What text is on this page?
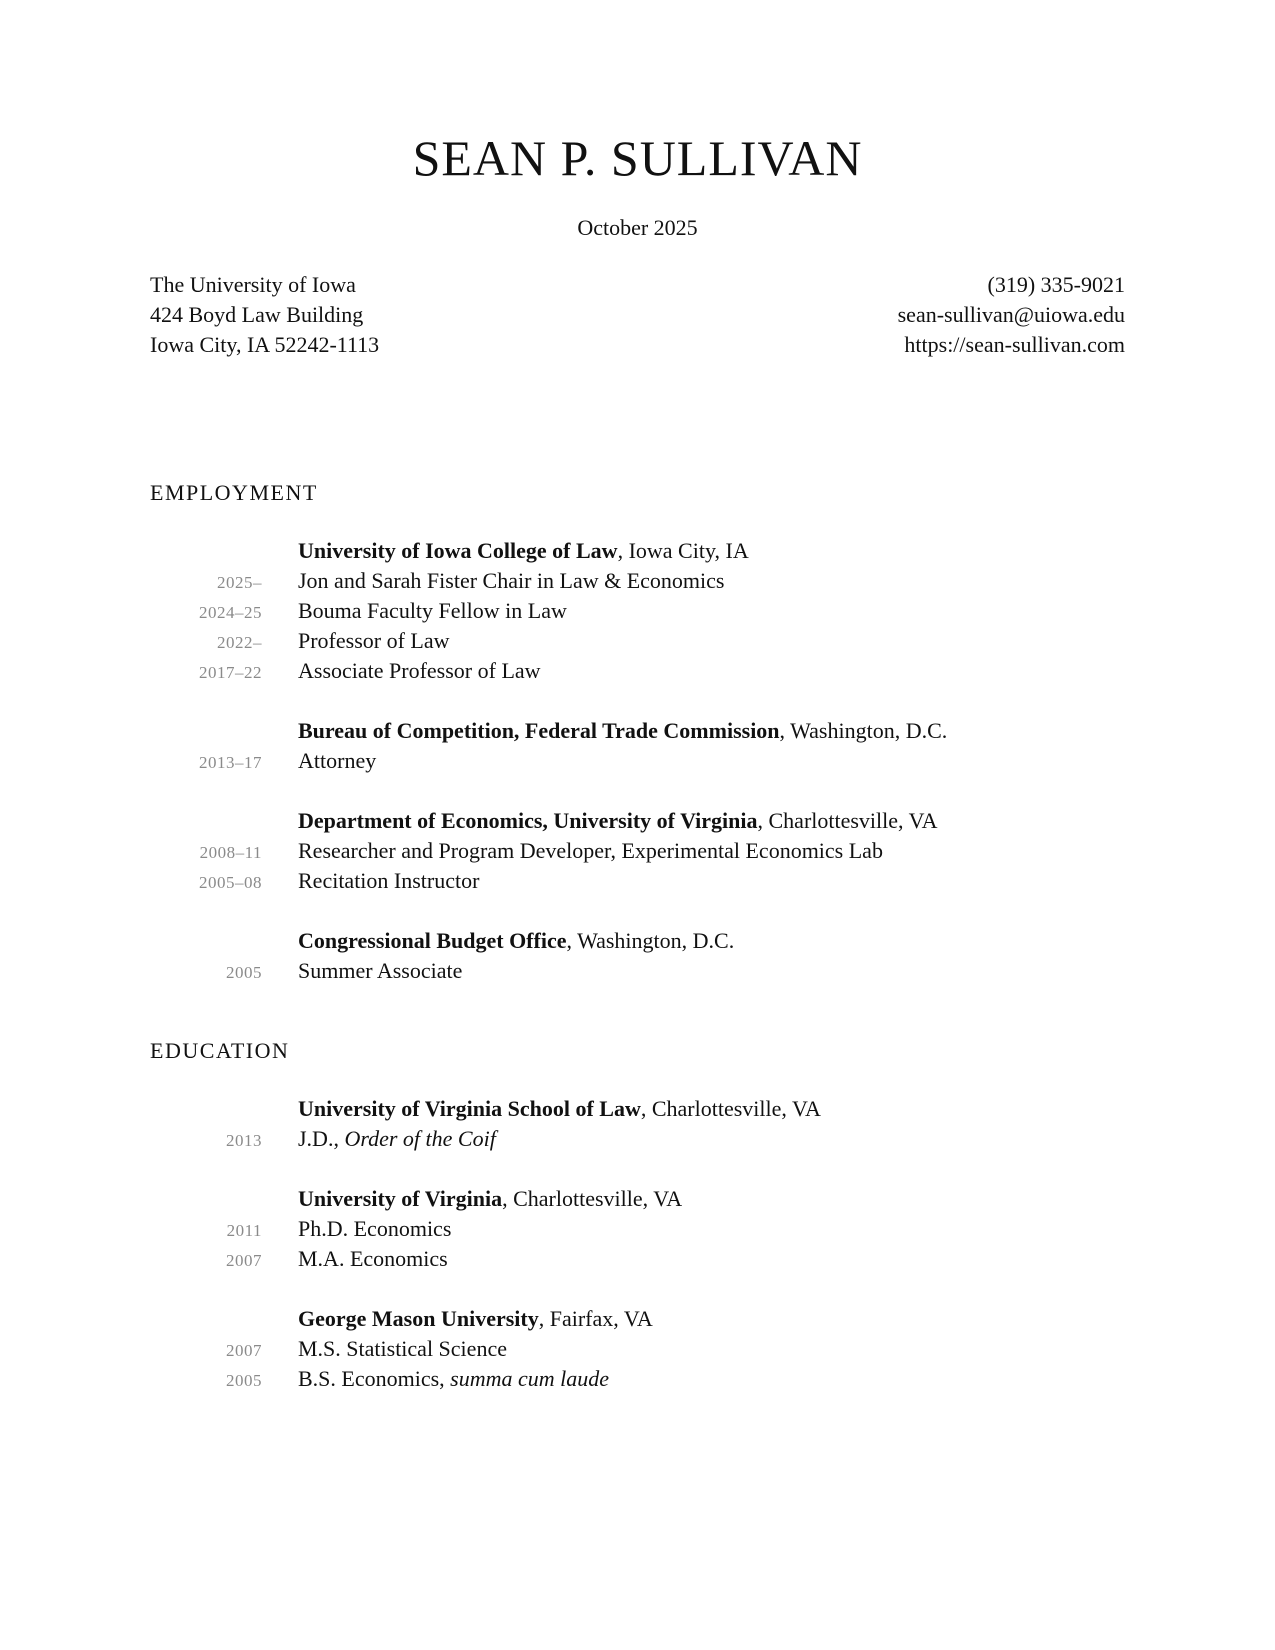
SEAN P. SULLIVAN
October 2025
The University of Iowa
424 Boyd Law Building
Iowa City, IA 52242-1113
(319) 335-9021
sean-sullivan@uiowa.edu
https://sean-sullivan.com
EMPLOYMENT
University of Iowa College of Law, Iowa City, IA
2025– Jon and Sarah Fister Chair in Law & Economics
2024–25 Bouma Faculty Fellow in Law
2022– Professor of Law
2017–22 Associate Professor of Law
Bureau of Competition, Federal Trade Commission, Washington, D.C.
2013–17 Attorney
Department of Economics, University of Virginia, Charlottesville, VA
2008–11 Researcher and Program Developer, Experimental Economics Lab
2005–08 Recitation Instructor
Congressional Budget Office, Washington, D.C.
2005 Summer Associate
EDUCATION
University of Virginia School of Law, Charlottesville, VA
2013 J.D., Order of the Coif
University of Virginia, Charlottesville, VA
2011 Ph.D. Economics
2007 M.A. Economics
George Mason University, Fairfax, VA
2007 M.S. Statistical Science
2005 B.S. Economics, summa cum laude
